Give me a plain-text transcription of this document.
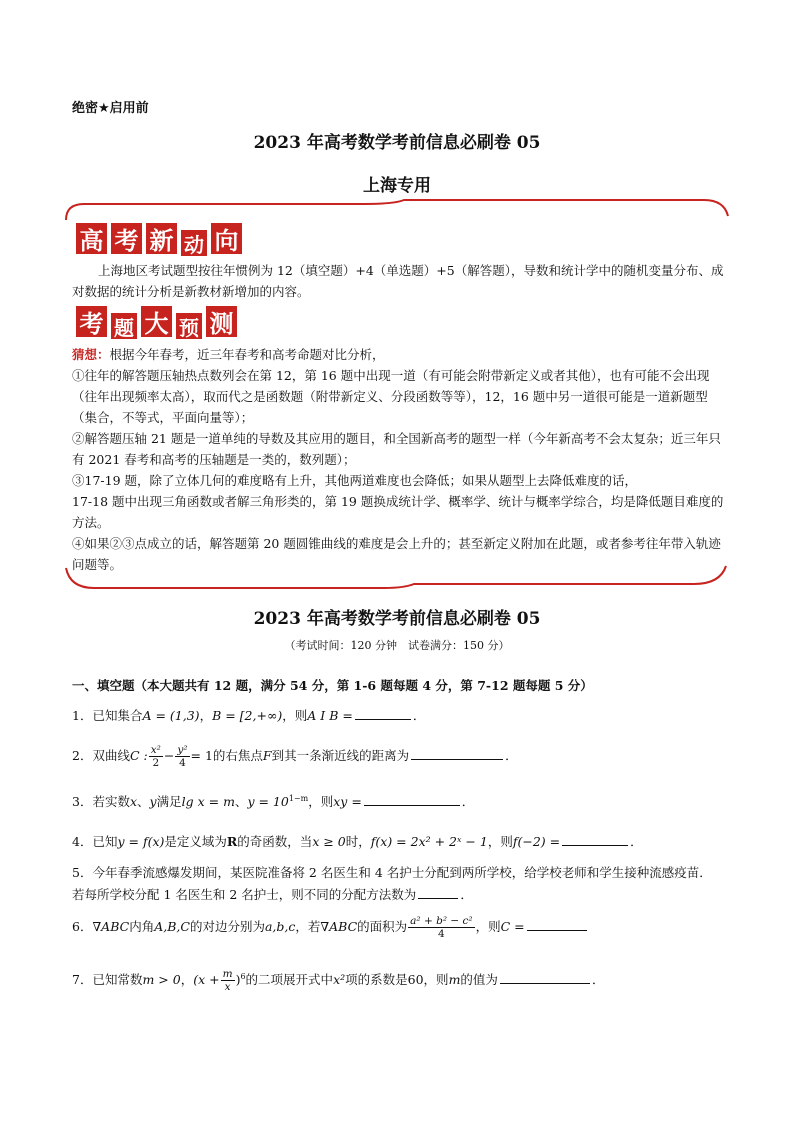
绝密★启用前
2023 年高考数学考前信息必刷卷 05
上海专用
高 考 新 动 向

上海地区考试题型按往年惯例为 12（填空题）+4（单选题）+5（解答题），导数和统计学中的随机变量分布、成对数据的统计分析是新教材新增加的内容。

考 题 大 预 测

猜想：根据今年春考，近三年春考和高考命题对比分析，

①往年的解答题压轴热点数列会在第 12，第 16 题中出现一道（有可能会附带新定义或者其他），也有可能不会出现（往年出现频率太高），取而代之是函数题（附带新定义、分段函数等等），12，16 题中另一道很可能是一道新题型（集合，不等式，平面向量等）；

②解答题压轴 21 题是一道单纯的导数及其应用的题目，和全国新高考的题型一样（今年新高考不会太复杂；近三年只有 2021 春考和高考的压轴题是一类的，数列题）；

③17-19 题，除了立体几何的难度略有上升，其他两道难度也会降低；如果从题型上去降低难度的话，

17-18 题中出现三角函数或者解三角形类的，第 19 题换成统计学、概率学、统计与概率学综合，均是降低题目难度的方法。

④如果②③点成立的话，解答题第 20 题圆锥曲线的难度是会上升的；甚至新定义附加在此题，或者参考往年带入轨迹问题等。

2023 年高考数学考前信息必刷卷 05
（考试时间：120 分钟　试卷满分：150 分）
一、填空题（本大题共有 12 题，满分 54 分，第 1-6 题每题 4 分，第 7-12 题每题 5 分）
1．已知集合A = (1,3)，B = [2,+∞)，则A I B =	．
2．双曲线C : $\frac{\text{x²}}{2} - \frac{\text{y²}}{4} = 1$的右焦点F到其一条渐近线的距离为	．
3．若实数x、y满足lg x = m、$y = 10^{1-m}$，则xy =	．
4．已知y = f(x)是定义域为R的奇函数，当x ≥ 0时，f(x) = 2x² + 2ˣ − 1，则f(−2) =	．
5．今年春季流感爆发期间，某医院准备将 2 名医生和 4 名护士分配到两所学校，给学校老师和学生接种流感疫苗．若每所学校分配 1 名医生和 2 名护士，则不同的分配方法数为	．
6．∇ABC内角A,B,C的对边分别为a,b,c，若∇ABC的面积为 $\frac{\text{a² + b² − c²}}{4}$ ，则C =
7．已知常数m > 0，$(x + \frac{m}{x} )^6$的二项展开式中x²项的系数是60，则m的值为	．
